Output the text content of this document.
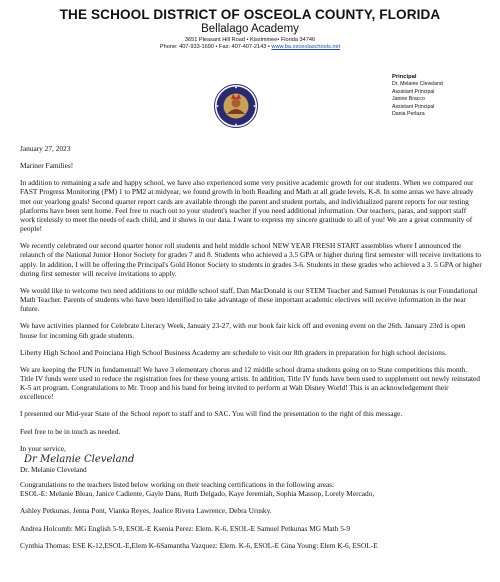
THE SCHOOL DISTRICT OF OSCEOLA COUNTY, FLORIDA
Bellalago Academy
3651 Pleasant Hill Road • Kissimmee• Florida 34746
Phone: 407-933-1690 • Fax: 407-407-2143 • www.ba.osceolaschools.net
Principal
Dr. Melanie Cleveland
Assistant Principal
Janine Bracco
Assistant Principal
Dania Perlaza

January 27, 2023

Mariner Families!

In addition to remaining a safe and happy school, we have also experienced some very positive academic growth for our students. When we compared our FAST Progress Monitoring (PM) 1 to PM2 at midyear, we found growth in both Reading and Math at all grade levels, K-8. In some areas we have already met our yearlong goals! Second quarter report cards are available through the parent and student portals, and individualized parent reports for our testing platforms have been sent home. Feel free to reach out to your student's teacher if you need additional information. Our teachers, paras, and support staff work tirelessly to meet the needs of each child, and it shows in our data. I want to express my sincere gratitude to all of you! We are a great community of people!

We recently celebrated our second quarter honor roll students and held middle school NEW YEAR FRESH START assemblies where I announced the relaunch of the National Junior Honor Society for grades 7 and 8. Students who achieved a 3.5 GPA or higher during first semester will receive invitations to apply. In addition, I will be offering the Principal's Gold Honor Society to students in grades 3-6. Students in these grades who achieved a 3. 5 GPA or higher during first semester will receive invitations to apply.

We would like to welcome two need additions to our middle school staff, Dan MacDonald is our STEM Teacher and Samuel Petukunas is our Foundational Math Teacher. Parents of students who have been identified to take advantage of these important academic electives will receive information in the near future.

We have activities planned for Celebrate Literacy Week, January 23-27, with our book fair kick off and evening event on the 26th. January 23rd is open house for incoming 6th grade students.

Liberty High School and Poinciana High School Business Academy are schedule to visit our 8th graders in preparation for high school decisions.

We are keeping the FUN in fundamental! We have 3 elementary chorus and 12 middle school drama students going on to State competitions this month. Title IV funds were used to reduce the registration fees for these young artists. In addition, Title IV funds have been used to supplement out newly reinstated K-5 art program. Congratulations to Mr. Troop and his band for being invited to perform at Walt Disney World! This is an acknowledgement their excellence!

I presented our Mid-year State of the School report to staff and to SAC. You will find the presentation to the right of this message.

Feel free to be in touch as needed.

In your service,
Dr Melanie Cleveland
Dr. Melanie Cleveland

Congratulations to the teachers listed below working on their teaching certifications in the following areas:

ESOL-E: Melanie Bleau, Janice Cadiente, Gayle Dans, Ruth Delgado, Kaye Jeremiah, Sophia Massop, Lorely Mercado,

Ashley Petkunas, Jenna Pont, Vianka Reyes, Joalice Rivera Lawrence, Debra Urusky.

Andrea Holcomb: MG English 5-9, ESOL-E Ksenia Perez: Elem. K-6, ESOL-E Samuel Petkunas MG Math 5-9

Cynthia Thomas: ESE K-12,ESOL-E,Elem K-6Samantha Vazquez: Elem. K-6, ESOL-E Gina Young: Elem K-6, ESOL-E
